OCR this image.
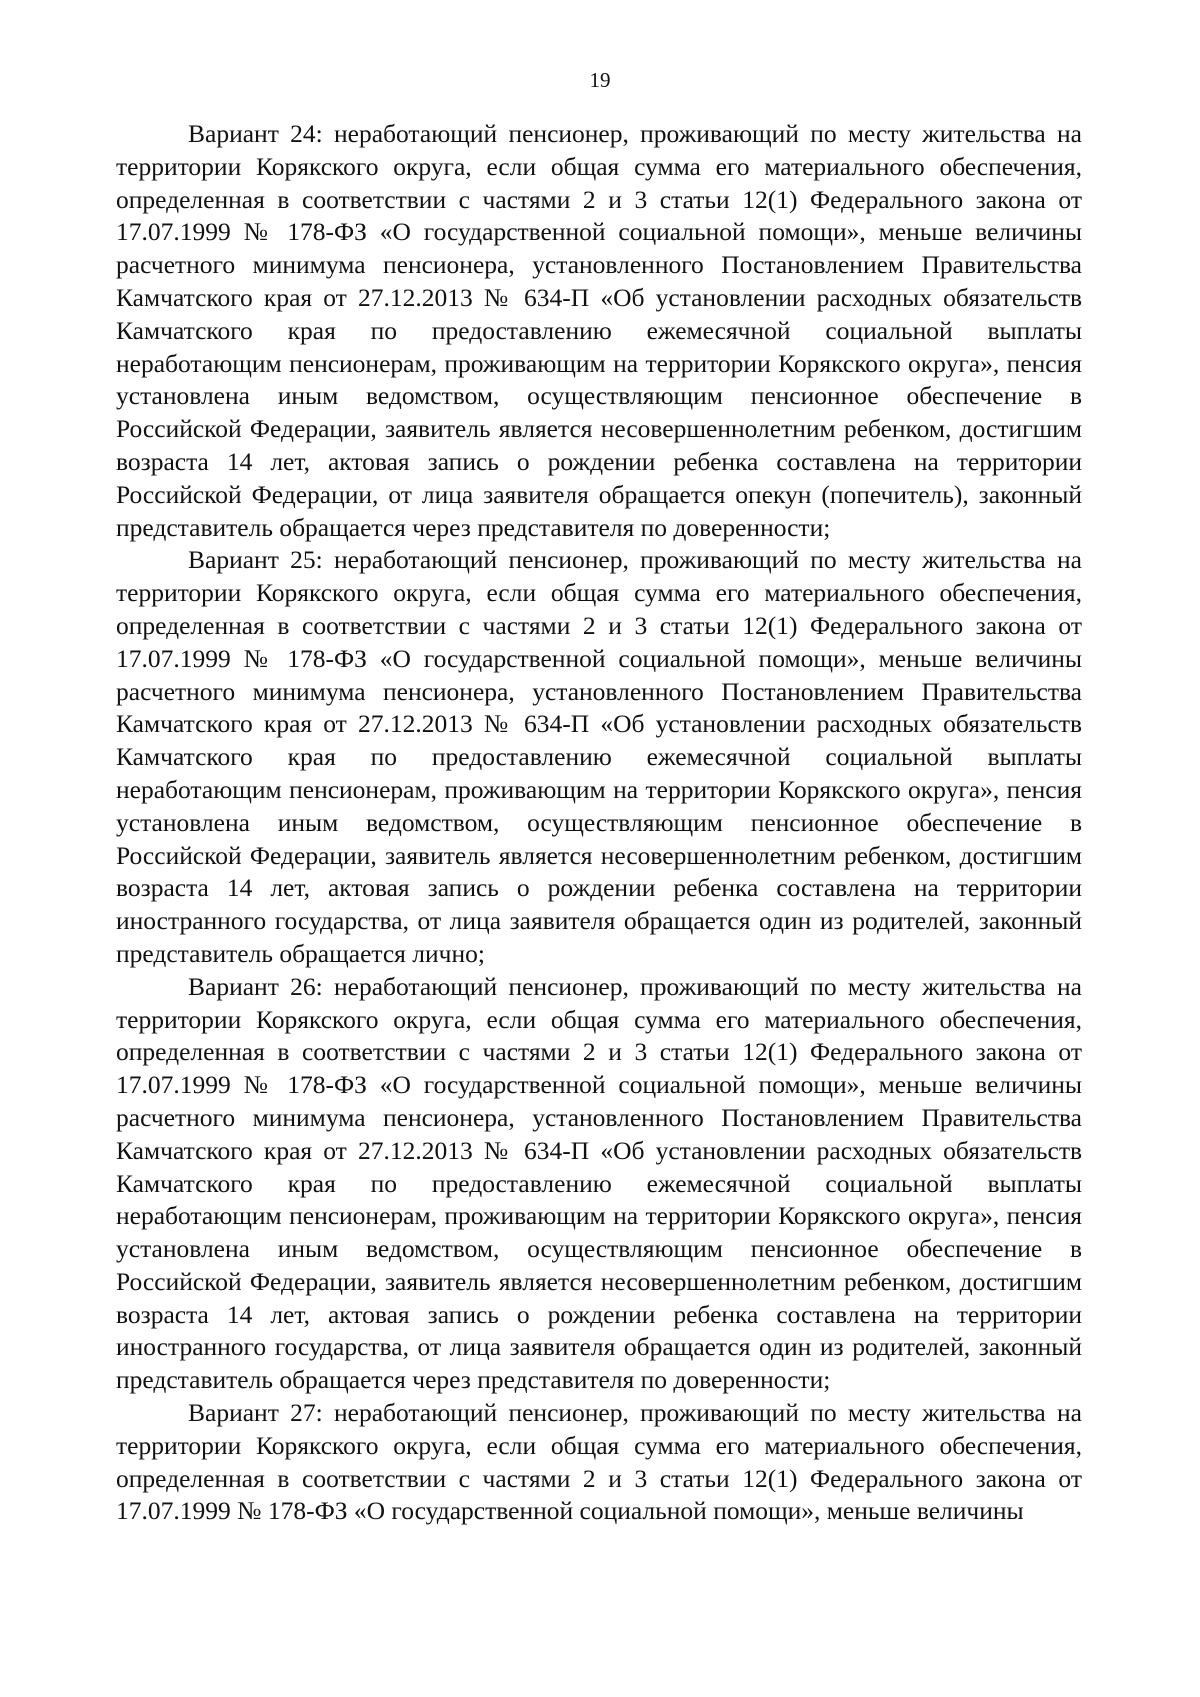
19

Вариант 24: неработающий пенсионер, проживающий по месту жительства на территории Корякского округа, если общая сумма его материального обеспечения, определенная в соответствии с частями 2 и 3 статьи 12(1) Федерального закона от 17.07.1999 № 178-ФЗ «О государственной социальной помощи», меньше величины расчетного минимума пенсионера, установленного Постановлением Правительства Камчатского края от 27.12.2013 № 634-П «Об установлении расходных обязательств Камчатского края по предоставлению ежемесячной социальной выплаты неработающим пенсионерам, проживающим на территории Корякского округа», пенсия установлена иным ведомством, осуществляющим пенсионное обеспечение в Российской Федерации, заявитель является несовершеннолетним ребенком, достигшим возраста 14 лет, актовая запись о рождении ребенка составлена на территории Российской Федерации, от лица заявителя обращается опекун (попечитель), законный представитель обращается через представителя по доверенности;

Вариант 25: неработающий пенсионер, проживающий по месту жительства на территории Корякского округа, если общая сумма его материального обеспечения, определенная в соответствии с частями 2 и 3 статьи 12(1) Федерального закона от 17.07.1999 № 178-ФЗ «О государственной социальной помощи», меньше величины расчетного минимума пенсионера, установленного Постановлением Правительства Камчатского края от 27.12.2013 № 634-П «Об установлении расходных обязательств Камчатского края по предоставлению ежемесячной социальной выплаты неработающим пенсионерам, проживающим на территории Корякского округа», пенсия установлена иным ведомством, осуществляющим пенсионное обеспечение в Российской Федерации, заявитель является несовершеннолетним ребенком, достигшим возраста 14 лет, актовая запись о рождении ребенка составлена на территории иностранного государства, от лица заявителя обращается один из родителей, законный представитель обращается лично;

Вариант 26: неработающий пенсионер, проживающий по месту жительства на территории Корякского округа, если общая сумма его материального обеспечения, определенная в соответствии с частями 2 и 3 статьи 12(1) Федерального закона от 17.07.1999 № 178-ФЗ «О государственной социальной помощи», меньше величины расчетного минимума пенсионера, установленного Постановлением Правительства Камчатского края от 27.12.2013 № 634-П «Об установлении расходных обязательств Камчатского края по предоставлению ежемесячной социальной выплаты неработающим пенсионерам, проживающим на территории Корякского округа», пенсия установлена иным ведомством, осуществляющим пенсионное обеспечение в Российской Федерации, заявитель является несовершеннолетним ребенком, достигшим возраста 14 лет, актовая запись о рождении ребенка составлена на территории иностранного государства, от лица заявителя обращается один из родителей, законный представитель обращается через представителя по доверенности;

Вариант 27: неработающий пенсионер, проживающий по месту жительства на территории Корякского округа, если общая сумма его материального обеспечения, определенная в соответствии с частями 2 и 3 статьи 12(1) Федерального закона от 17.07.1999 № 178-ФЗ «О государственной социальной помощи», меньше величины
